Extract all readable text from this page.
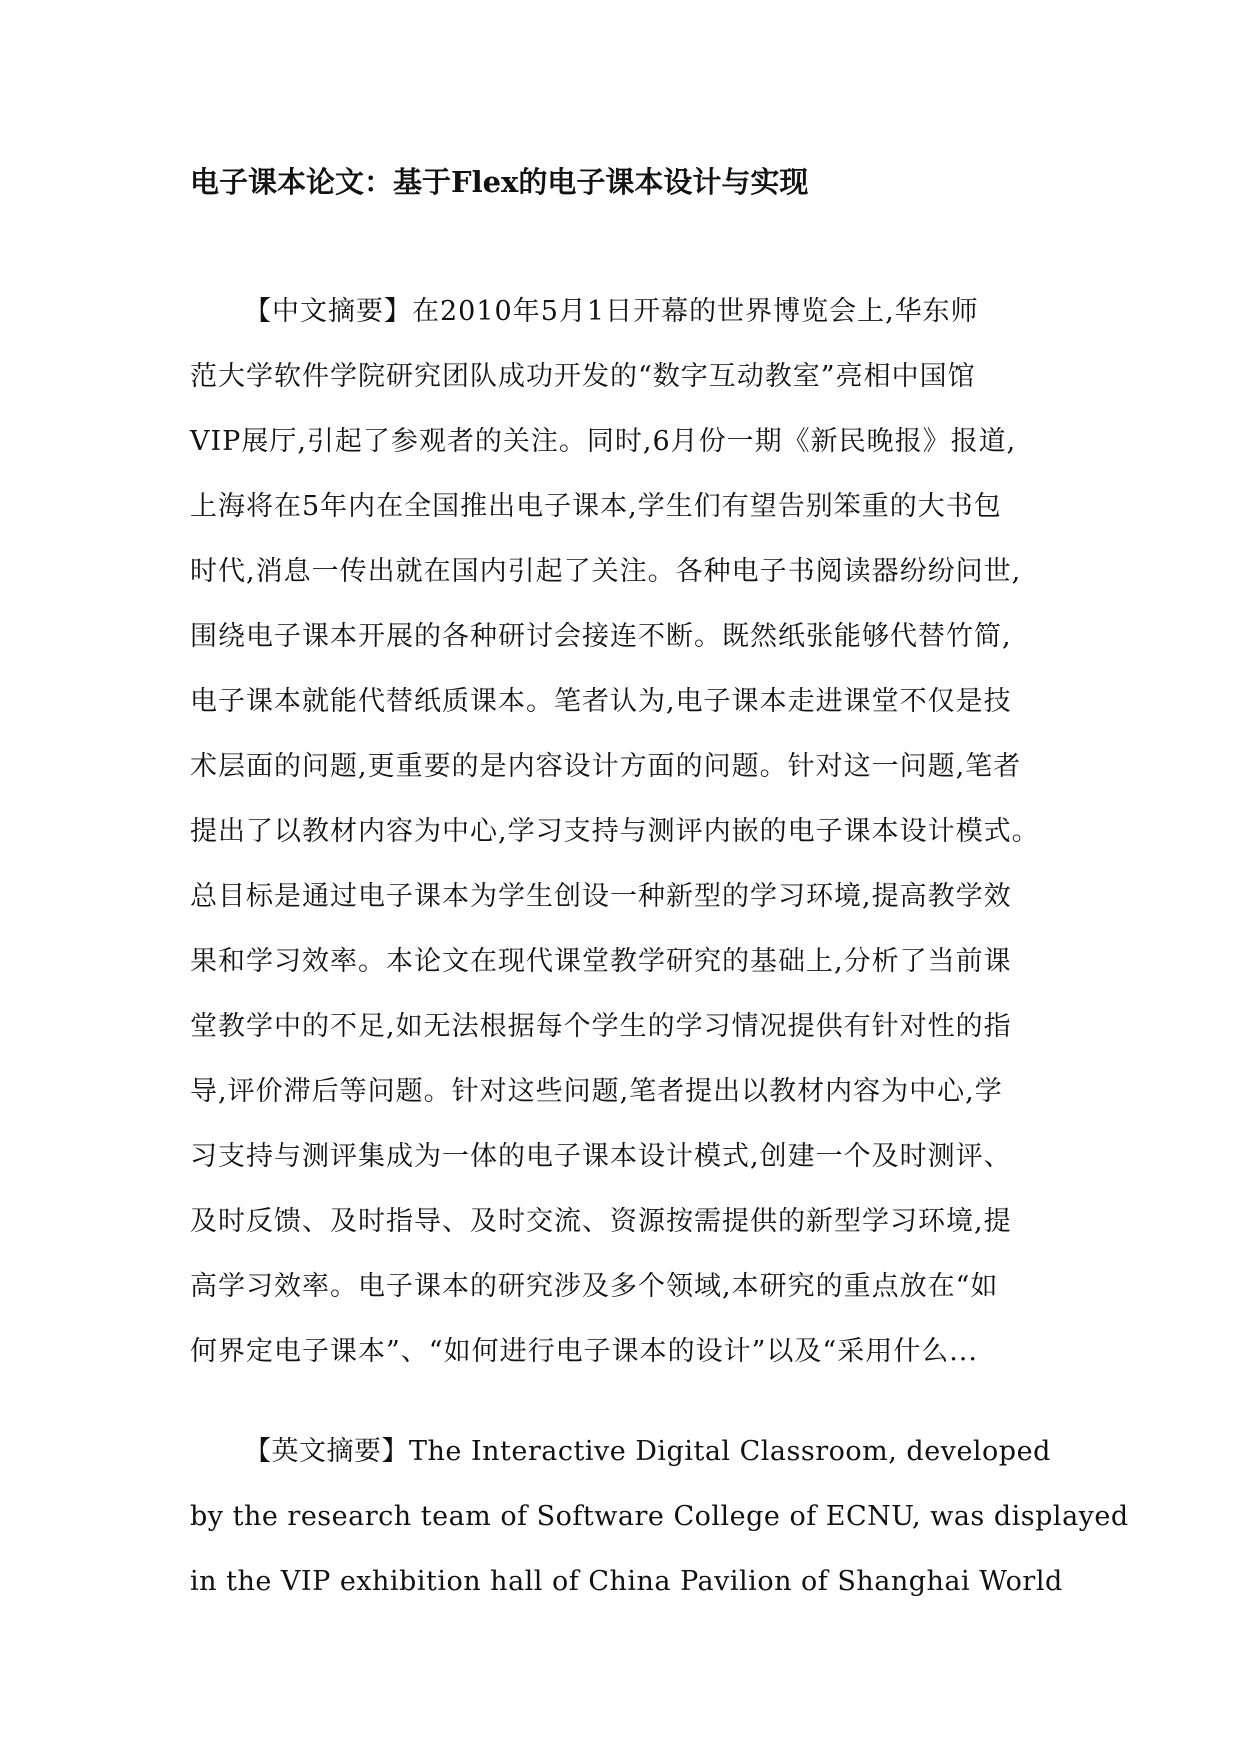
电子课本论文：基于Flex的电子课本设计与实现
【中文摘要】在2010年5月1日开幕的世界博览会上,华东师
范大学软件学院研究团队成功开发的“数字互动教室”亮相中国馆
VIP展厅,引起了参观者的关注。同时,6月份一期《新民晚报》报道,
上海将在5年内在全国推出电子课本,学生们有望告别笨重的大书包
时代,消息一传出就在国内引起了关注。各种电子书阅读器纷纷问世,
围绕电子课本开展的各种研讨会接连不断。既然纸张能够代替竹简,
电子课本就能代替纸质课本。笔者认为,电子课本走进课堂不仅是技
术层面的问题,更重要的是内容设计方面的问题。针对这一问题,笔者
提出了以教材内容为中心,学习支持与测评内嵌的电子课本设计模式。
总目标是通过电子课本为学生创设一种新型的学习环境,提高教学效
果和学习效率。本论文在现代课堂教学研究的基础上,分析了当前课
堂教学中的不足,如无法根据每个学生的学习情况提供有针对性的指
导,评价滞后等问题。针对这些问题,笔者提出以教材内容为中心,学
习支持与测评集成为一体的电子课本设计模式,创建一个及时测评、
及时反馈、及时指导、及时交流、资源按需提供的新型学习环境,提
高学习效率。电子课本的研究涉及多个领域,本研究的重点放在“如
何界定电子课本”、“如何进行电子课本的设计”以及“采用什么...
【英文摘要】The Interactive Digital Classroom, developed
by the research team of Software College of ECNU, was displayed
in the VIP exhibition hall of China Pavilion of Shanghai World
